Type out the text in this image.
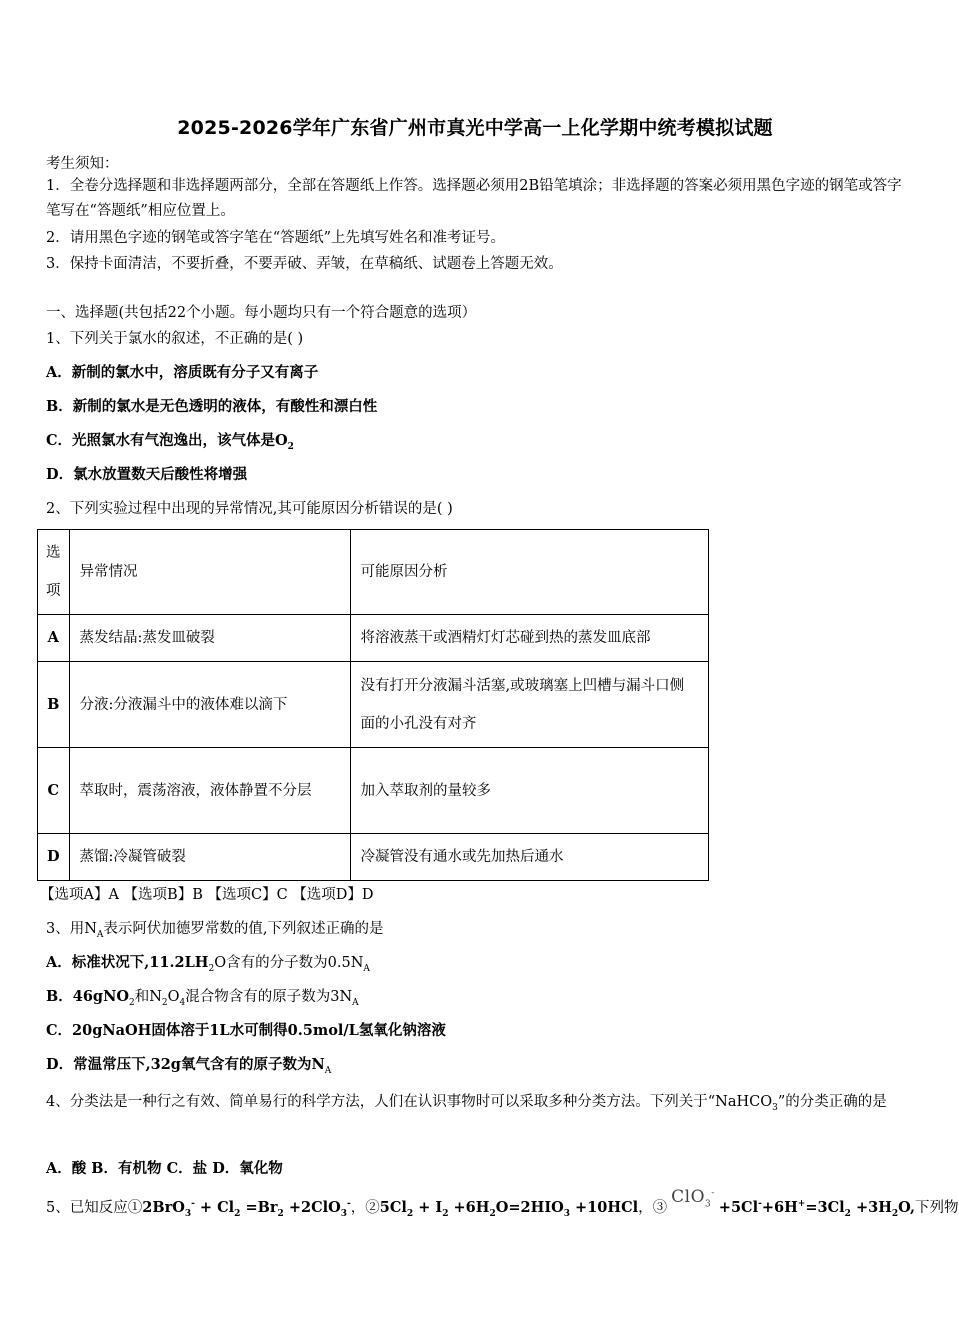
2025-2026学年广东省广州市真光中学高一上化学期中统考模拟试题
考生须知：
1．全卷分选择题和非选择题两部分，全部在答题纸上作答。选择题必须用2B铅笔填涂；非选择题的答案必须用黑色字迹的钢笔或答字笔写在“答题纸”相应位置上。
2．请用黑色字迹的钢笔或答字笔在“答题纸”上先填写姓名和准考证号。
3．保持卡面清洁，不要折叠，不要弄破、弄皱，在草稿纸、试题卷上答题无效。
一、选择题(共包括22个小题。每小题均只有一个符合题意的选项）
1、下列关于氯水的叙述，不正确的是( )
A．新制的氯水中，溶质既有分子又有离子
B．新制的氯水是无色透明的液体，有酸性和漂白性
C．光照氯水有气泡逸出，该气体是$O_2$
D．氯水放置数天后酸性将增强
2、下列实验过程中出现的异常情况,其可能原因分析错误的是( )
选项	异常情况	可能原因分析
A	蒸发结晶:蒸发皿破裂	将溶液蒸干或酒精灯灯芯碰到热的蒸发皿底部
B	分液:分液漏斗中的液体难以滴下	没有打开分液漏斗活塞,或玻璃塞上凹槽与漏斗口侧面的小孔没有对齐
C	萃取时，震荡溶液，液体静置不分层	加入萃取剂的量较多
D	蒸馏:冷凝管破裂	冷凝管没有通水或先加热后通水
【选项A】A 【选项B】B 【选项C】C 【选项D】D
3、用$N_A$表示阿伏加德罗常数的值,下列叙述正确的是
A．标准状况下$,11.2LH_2O$含有的分子数为$0.5N_A$
B．46gNO$_2$和$N_2O_4$混合物含有的原子数为$3N_A$
C．20gNaOH固体溶于1L水可制得0.5mol/L氢氧化钠溶液
D．常温常压下,32g氧气含有的原子数为$N_A$
4、分类法是一种行之有效、简单易行的科学方法，人们在认识事物时可以采取多种分类方法。下列关于“NaHCO$_3$”的分类正确的是
A．酸 B．有机物 C．盐 D．氧化物
5、已知反应①2BrO$_3$- + $Cl_2 =Br_2 +2ClO_3^-$，$②5Cl_2 + I_2 +6H_2O=2HIO_3 +10HCl$，$③ClO_3^-+5Cl^-+6H^+=3Cl_2 +3H_2O$,下列物
